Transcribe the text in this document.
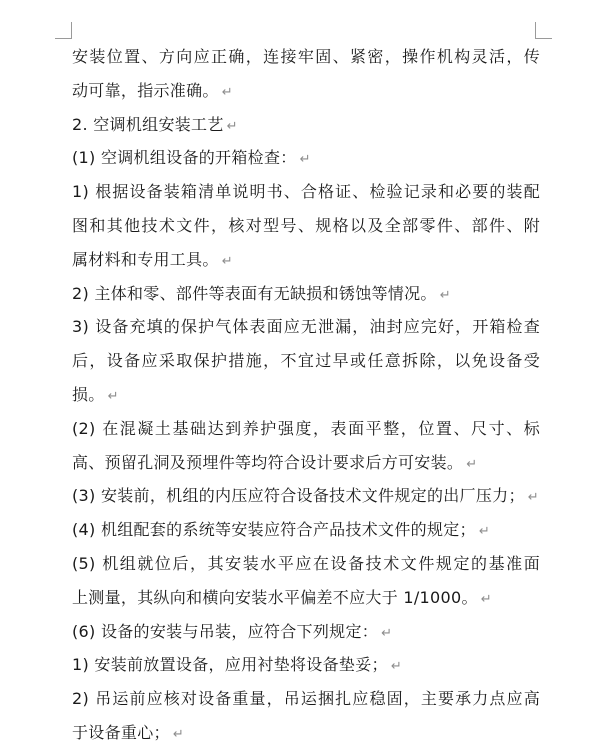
安装位置、方向应正确，连接牢固、紧密，操作机构灵活，传
动可靠，指示准确。 ↵
2. 空调机组安装工艺 ↵
(1) 空调机组设备的开箱检查： ↵
1) 根据设备装箱清单说明书、合格证、检验记录和必要的装配
图和其他技术文件，核对型号、规格以及全部零件、部件、附
属材料和专用工具。 ↵
2) 主体和零、部件等表面有无缺损和锈蚀等情况。 ↵
3) 设备充填的保护气体表面应无泄漏，油封应完好，开箱检查
后，设备应采取保护措施，不宜过早或任意拆除，以免设备受
损。 ↵
(2) 在混凝土基础达到养护强度，表面平整，位置、尺寸、标
高、预留孔洞及预埋件等均符合设计要求后方可安装。 ↵
(3) 安装前，机组的内压应符合设备技术文件规定的出厂压力； ↵
(4) 机组配套的系统等安装应符合产品技术文件的规定； ↵
(5) 机组就位后，其安装水平应在设备技术文件规定的基准面
上测量，其纵向和横向安装水平偏差不应大于 1/1000。 ↵
(6) 设备的安装与吊装，应符合下列规定： ↵
1) 安装前放置设备，应用衬垫将设备垫妥； ↵
2) 吊运前应核对设备重量，吊运捆扎应稳固，主要承力点应高
于设备重心； ↵
